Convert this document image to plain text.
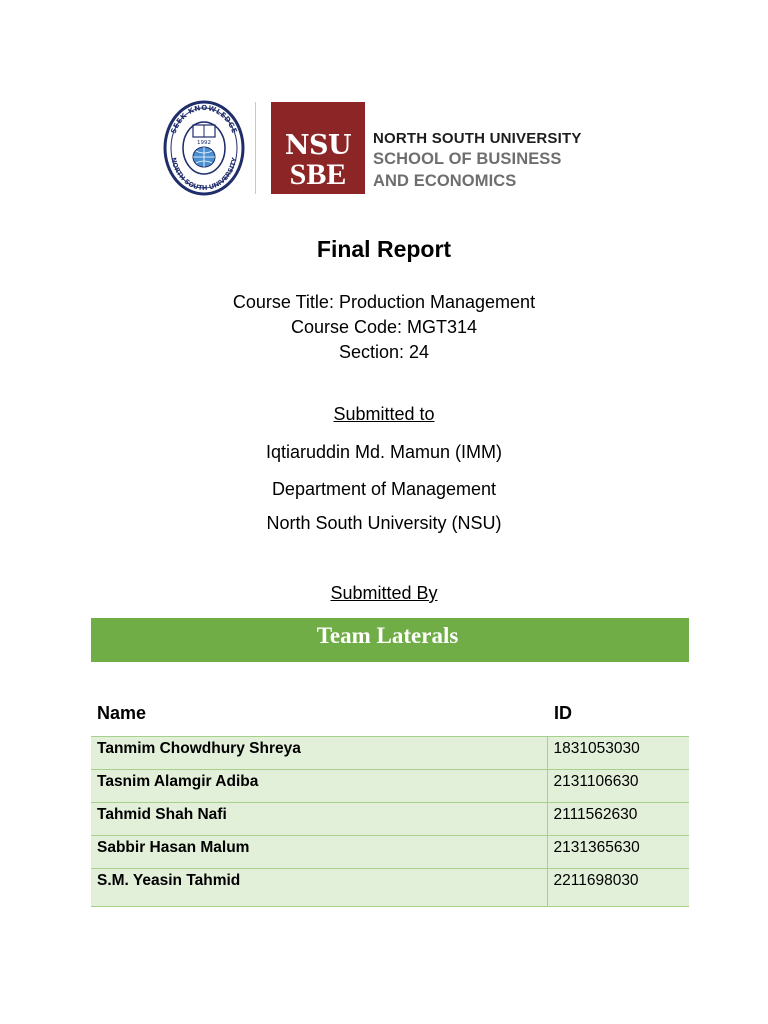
SEEK KNOWLEDGE
NORTH SOUTH UNIVERSITY
1992	NSU
SBE
NORTH SOUTH UNIVERSITY
SCHOOL OF BUSINESS
AND ECONOMICS
Final Report
Course Title: Production Management
Course Code: MGT314
Section: 24
Submitted to
Iqtiaruddin Md. Mamun (IMM)
Department of Management
North South University (NSU)
Submitted By
Team Laterals
Name	ID
Tanmim Chowdhury Shreya	1831053030
Tasnim Alamgir Adiba	2131106630
Tahmid Shah Nafi	2111562630
Sabbir Hasan Malum	2131365630
S.M. Yeasin Tahmid	2211698030
